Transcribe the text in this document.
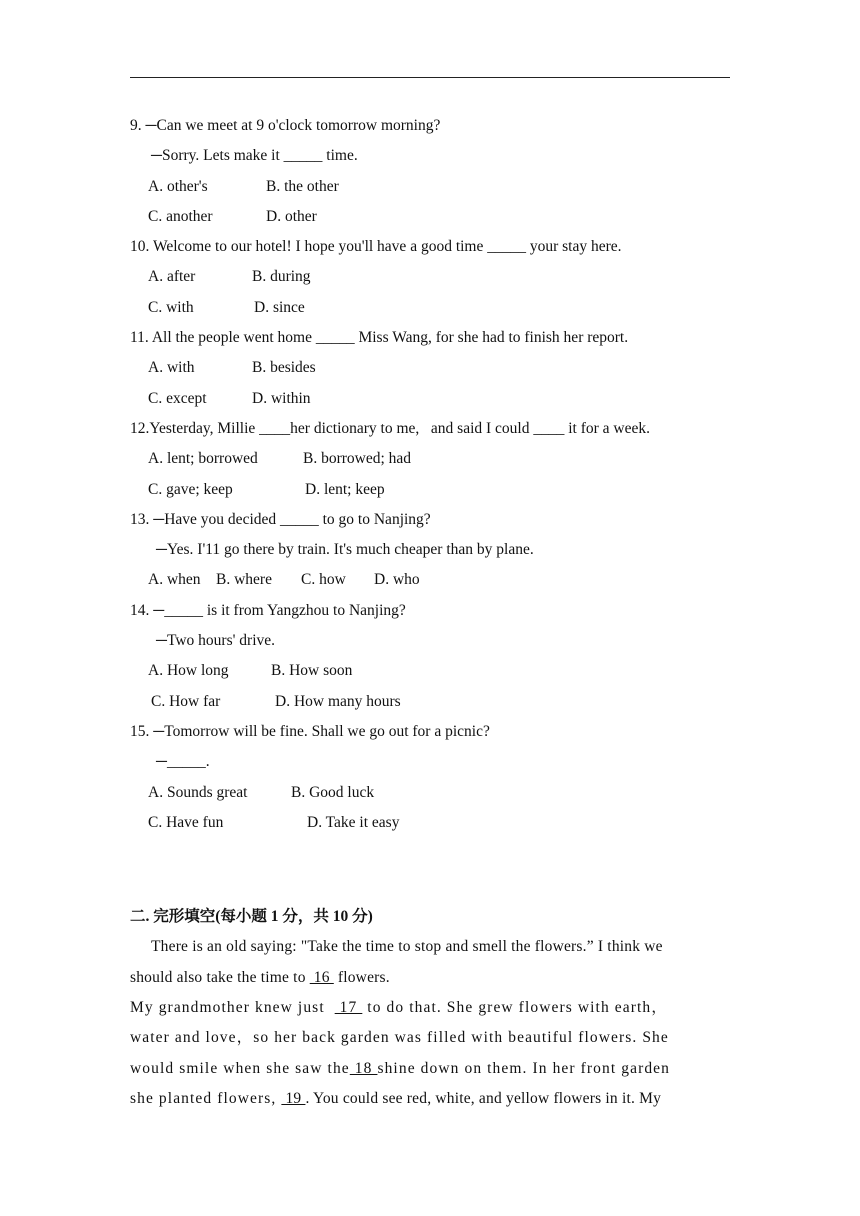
9. ─Can we meet at 9 o'clock tomorrow morning?
─Sorry. Lets make it _____ time.
A. other's	B. the other
C. another	D. other
10. Welcome to our hotel! I hope you'll have a good time _____ your stay here.
A. after	B. during
C. with	D. since
11. All the people went home _____ Miss Wang, for she had to finish her report.
A. with	B. besides
C. except	D. within
12.Yesterday, Millie ____her dictionary to me,   and said I could ____ it for a week.
A. lent; borrowed	B. borrowed; had
C. gave; keep	D. lent; keep
13. ─Have you decided _____ to go to Nanjing?
─Yes. I'11 go there by train. It's much cheaper than by plane.
A. when B. where C. how D. who
14. ─_____ is it from Yangzhou to Nanjing?
─Two hours' drive.
A. How long	B. How soon
C. How far	D. How many hours
15. ─Tomorrow will be fine. Shall we go out for a picnic?
─_____.
A. Sounds great	B. Good luck
C. Have fun	D. Take it easy
二. 完形填空(每小题 1 分，共 10 分)
There is an old saying: "Take the time to stop and smell the flowers.” I think we
should also take the time to  16  flowers.
My grandmother knew just   17  to do that. She grew flowers with earth，
water and love，so her back garden was filled with beautiful flowers. She
would smile when she saw the 18 shine down on them. In her front garden
she planted flowers,  19 . You could see red, white, and yellow flowers in it. My
